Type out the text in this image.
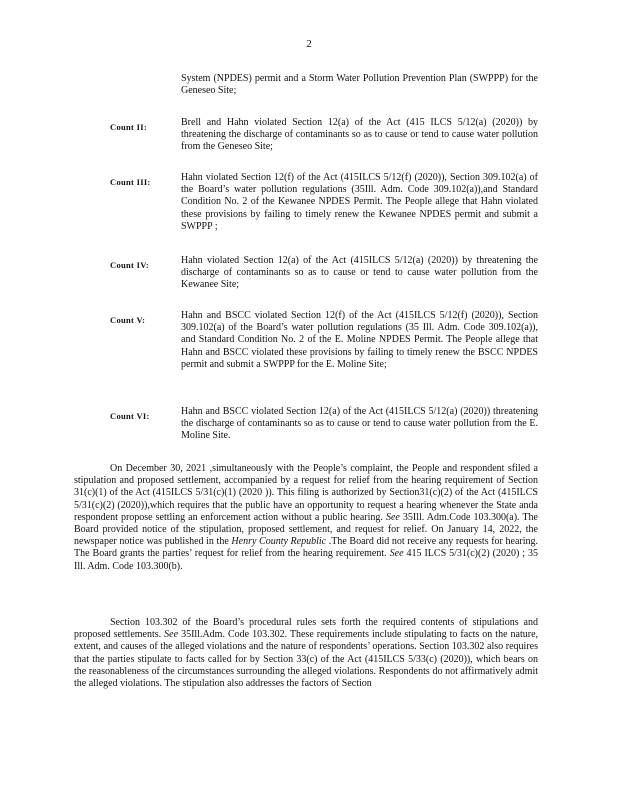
2
System (NPDES) permit and a Storm Water Pollution Prevention Plan (SWPPP) for the Geneseo Site;
Count II:	Brell and Hahn violated Section 12(a) of the Act (415 ILCS 5/12(a) (2020)) by threatening the discharge of contaminants so as to cause or tend to cause water pollution from the Geneseo Site;
Count III:	Hahn violated Section 12(f) of the Act (415ILCS 5/12(f) (2020)), Section 309.102(a) of the Board’s water pollution regulations (35Ill. Adm. Code 309.102(a)),and Standard Condition No. 2 of the Kewanee NPDES Permit. The People allege that Hahn violated these provisions by failing to timely renew the Kewanee NPDES permit and submit a SWPPP ;
Count IV:	Hahn violated Section 12(a) of the Act (415ILCS 5/12(a) (2020)) by threatening the discharge of contaminants so as to cause or tend to cause water pollution from the Kewanee Site;
Count V:	Hahn and BSCC violated Section 12(f) of the Act (415ILCS 5/12(f) (2020)), Section 309.102(a) of the Board’s water pollution regulations (35 Ill. Adm. Code 309.102(a)), and Standard Condition No. 2 of the E. Moline NPDES Permit. The People allege that Hahn and BSCC violated these provisions by failing to timely renew the BSCC NPDES permit and submit a SWPPP for the E. Moline Site;
Count VI:	Hahn and BSCC violated Section 12(a) of the Act (415ILCS 5/12(a) (2020)) threatening the discharge of contaminants so as to cause or tend to cause water pollution from the E. Moline Site.
On December 30, 2021 ,simultaneously with the People’s complaint, the People and respondent sfiled a stipulation and proposed settlement, accompanied by a request for relief from the hearing requirement of Section 31(c)(1) of the Act (415ILCS 5/31(c)(1) (2020 )). This filing is authorized by Section31(c)(2) of the Act (415ILCS 5/31(c)(2) (2020)),which requires that the public have an opportunity to request a hearing whenever the State anda respondent propose settling an enforcement action without a public hearing. See 35Ill. Adm.Code 103.300(a). The Board provided notice of the stipulation, proposed settlement, and request for relief. On January 14, 2022, the newspaper notice was published in the Henry County Republic .The Board did not receive any requests for hearing. The Board grants the parties’ request for relief from the hearing requirement. See 415 ILCS 5/31(c)(2) (2020) ; 35 Ill. Adm. Code 103.300(b).
Section 103.302 of the Board’s procedural rules sets forth the required contents of stipulations and proposed settlements. See 35Ill.Adm. Code 103.302. These requirements include stipulating to facts on the nature, extent, and causes of the alleged violations and the nature of respondents’ operations. Section 103.302 also requires that the parties stipulate to facts called for by Section 33(c) of the Act (415ILCS 5/33(c) (2020)), which bears on the reasonableness of the circumstances surrounding the alleged violations. Respondents do not affirmatively admit the alleged violations. The stipulation also addresses the factors of Section
